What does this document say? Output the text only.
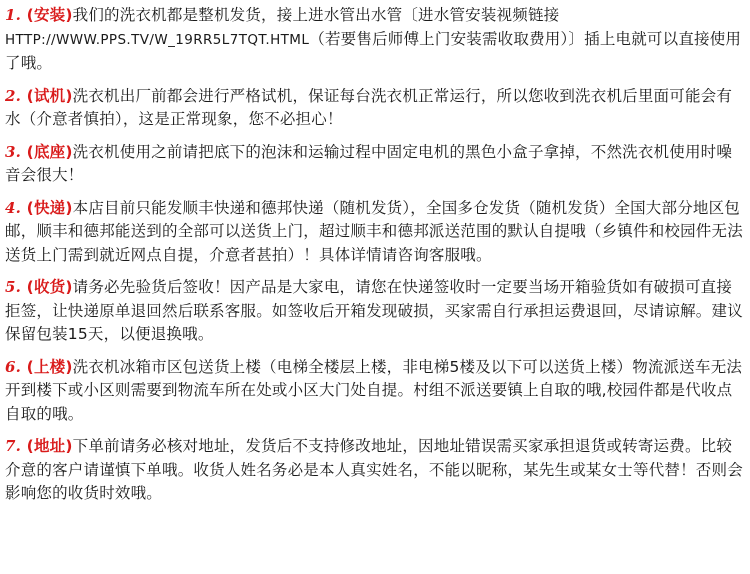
1. (安装)我们的洗衣机都是整机发货，接上进水管出水管〔进水管安装视频链接
HTTP://WWW.PPS.TV/W_19RR5L7TQT.HTML（若要售后师傅上门安装需收取费用）〕插上电就可以直接使用了哦。

2. (试机)洗衣机出厂前都会进行严格试机，保证每台洗衣机正常运行，所以您收到洗衣机后里面可能会有水（介意者慎拍），这是正常现象，您不必担心！

3. (底座)洗衣机使用之前请把底下的泡沫和运输过程中固定电机的黑色小盒子拿掉，不然洗衣机使用时噪音会很大！

4. (快递)本店目前只能发顺丰快递和德邦快递（随机发货），全国多仓发货（随机发货）全国大部分地区包邮，顺丰和德邦能送到的全部可以送货上门，超过顺丰和德邦派送范围的默认自提哦（乡镇件和校园件无法送货上门需到就近网点自提，介意者甚拍）！具体详情请咨询客服哦。

5. (收货)请务必先验货后签收！因产品是大家电，请您在快递签收时一定要当场开箱验货如有破损可直接拒签，让快递原单退回然后联系客服。如签收后开箱发现破损，买家需自行承担运费退回，尽请谅解。建议保留包装15天，以便退换哦。

6. (上楼)洗衣机冰箱市区包送货上楼（电梯全楼层上楼，非电梯5楼及以下可以送货上楼）物流派送车无法开到楼下或小区则需要到物流车所在处或小区大门处自提。村组不派送要镇上自取的哦,校园件都是代收点自取的哦。

7. (地址)下单前请务必核对地址，发货后不支持修改地址，因地址错误需买家承担退货或转寄运费。比较介意的客户请谨慎下单哦。收货人姓名务必是本人真实姓名，不能以昵称，某先生或某女士等代替！否则会影响您的收货时效哦。
